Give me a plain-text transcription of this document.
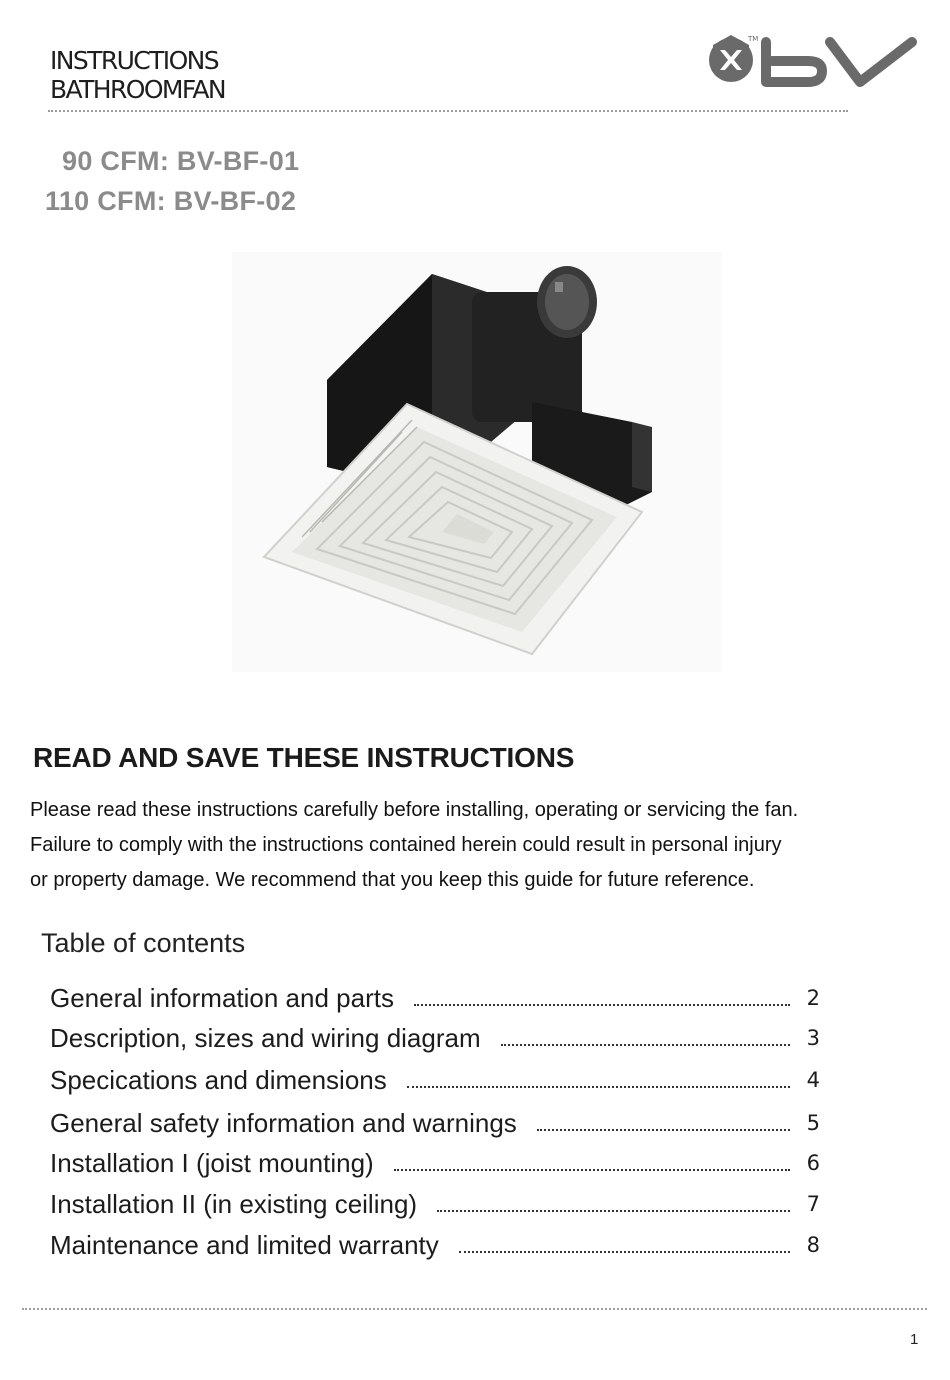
INSTRUCTIONS
BATHROOMFAN
TM
90 CFM: BV-BF-01
110 CFM: BV-BF-02
READ AND SAVE THESE INSTRUCTIONS
Please read these instructions carefully before installing, operating or servicing the fan.
Failure to comply with the instructions contained herein could result in personal injury
or property damage. We recommend that you keep this guide for future reference.
Table of contents
General information and parts	2
Description, sizes and wiring diagram	3
Specications and dimensions	4
General safety information and warnings	5
Installation I (joist mounting)	6
Installation II (in existing ceiling)	7
Maintenance and limited warranty	8
1
